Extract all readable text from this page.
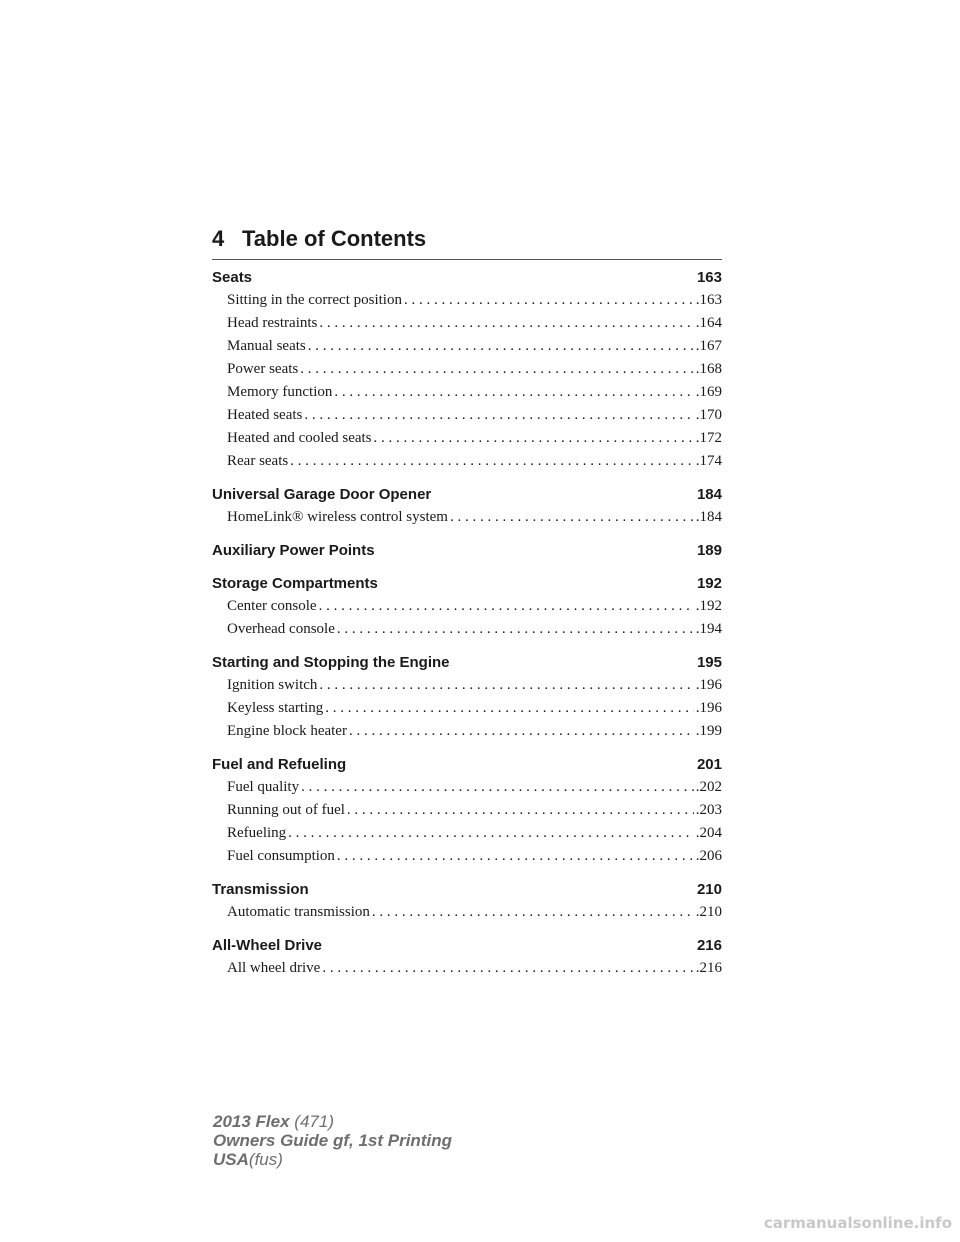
4 Table of Contents
Seats	163
Sitting in the correct position . . .	.163
Head restraints . . .	.164
Manual seats . . .	.167
Power seats . . .	.168
Memory function . . .	.169
Heated seats . . .	.170
Heated and cooled seats . . .	.172
Rear seats . . .	.174
Universal Garage Door Opener	184
HomeLink® wireless control system . . .	.184
Auxiliary Power Points	189
Storage Compartments	192
Center console . . .	.192
Overhead console . . .	.194
Starting and Stopping the Engine	195
Ignition switch . . .	.196
Keyless starting . . .	.196
Engine block heater . . .	.199
Fuel and Refueling	201
Fuel quality . . .	.202
Running out of fuel . . .	.203
Refueling . . .	.204
Fuel consumption . . .	.206
Transmission	210
Automatic transmission . . .	.210
All-Wheel Drive	216
All wheel drive . . .	.216
2013 Flex (471)
Owners Guide gf, 1st Printing
USA(fus)
carmanualsonline.info
